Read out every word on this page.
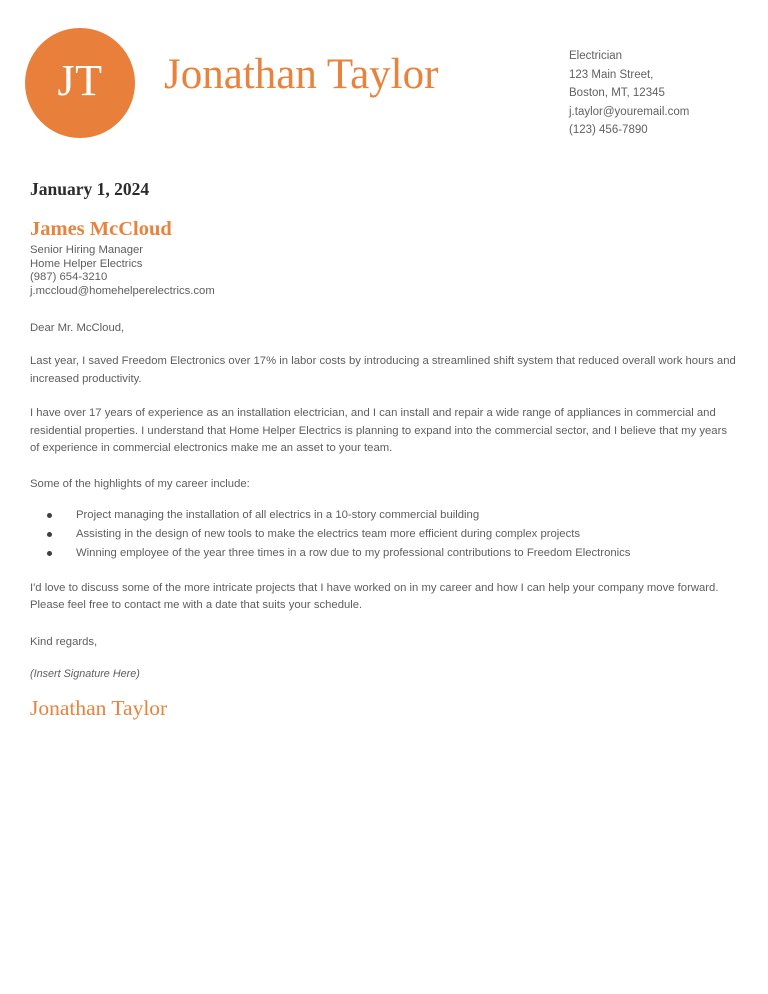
JT Jonathan Taylor	Electrician
123 Main Street,
Boston, MT, 12345
j.taylor@youremail.com
(123) 456-7890
January 1, 2024
James McCloud
Senior Hiring Manager
Home Helper Electrics
(987) 654-3210
j.mccloud@homehelperelectrics.com
Dear Mr. McCloud,
Last year, I saved Freedom Electronics over 17% in labor costs by introducing a streamlined shift system that reduced overall work hours and increased productivity.
I have over 17 years of experience as an installation electrician, and I can install and repair a wide range of appliances in commercial and residential properties. I understand that Home Helper Electrics is planning to expand into the commercial sector, and I believe that my years of experience in commercial electronics make me an asset to your team.
Some of the highlights of my career include:
Project managing the installation of all electrics in a 10-story commercial building
Assisting in the design of new tools to make the electrics team more efficient during complex projects
Winning employee of the year three times in a row due to my professional contributions to Freedom Electronics
I'd love to discuss some of the more intricate projects that I have worked on in my career and how I can help your company move forward. Please feel free to contact me with a date that suits your schedule.
Kind regards,
(Insert Signature Here)
Jonathan Taylor
